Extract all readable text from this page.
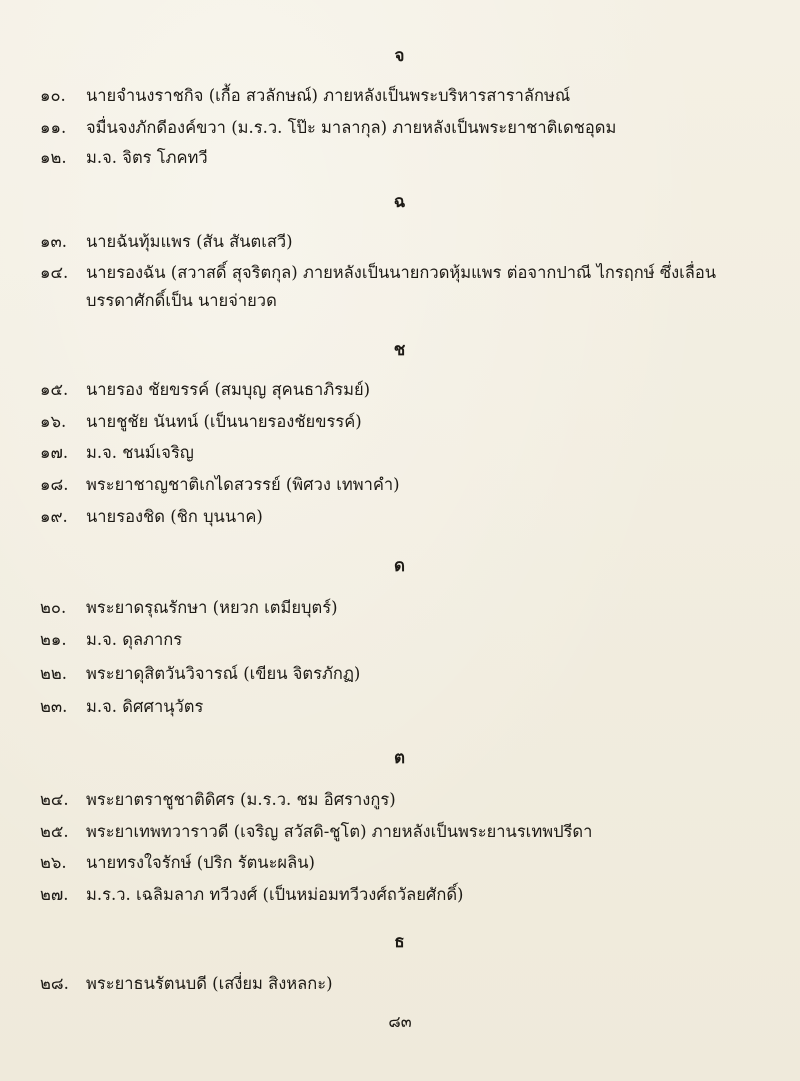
จ
๑๐.	นายจำนงราชกิจ (เกื้อ สวลักษณ์) ภายหลังเป็นพระบริหารสาราลักษณ์
๑๑.	จมื่นจงภักดีองค์ขวา (ม.ร.ว. โป๊ะ มาลากุล) ภายหลังเป็นพระยาชาติเดชอุดม
๑๒.	ม.จ. จิตร โภคทวี
ฉ
๑๓.	นายฉันทุ้มแพร (สัน สันตเสวี)
๑๔.	นายรองฉัน (สวาสดิ์ สุจริตกุล) ภายหลังเป็นนายกวดหุ้มแพร ต่อจากปาณี ไกรฤกษ์ ซึ่งเลื่อนบรรดาศักดิ์เป็น นายจ่ายวด
ช
๑๕.	นายรอง ชัยขรรค์ (สมบุญ สุคนธาภิรมย์)
๑๖.	นายชูชัย นันทน์ (เป็นนายรองชัยขรรค์)
๑๗.	ม.จ. ชนม์เจริญ
๑๘.	พระยาชาญชาติเกไดสวรรย์ (พิศวง เทพาคำ)
๑๙.	นายรองชิด (ชิก บุนนาค)
ด
๒๐.	พระยาดรุณรักษา (หยวก เตมียบุตร์)
๒๑.	ม.จ. ดุลภากร
๒๒.	พระยาดุสิตวันวิจารณ์ (เขียน จิตรภักฏ)
๒๓.	ม.จ. ดิศศานุวัตร
ต
๒๔.	พระยาตราชูชาติดิศร (ม.ร.ว. ชม อิศรางกูร)
๒๕.	พระยาเทพทวาราวดี (เจริญ สวัสดิ-ชูโต) ภายหลังเป็นพระยานรเทพปรีดา
๒๖.	นายทรงใจรักษ์ (ปริก รัตนะผลิน)
๒๗.	ม.ร.ว. เฉลิมลาภ ทวีวงศ์ (เป็นหม่อมทวีวงศ์ถวัลยศักดิ์)
ธ
๒๘.	พระยาธนรัตนบดี (เสงี่ยม สิงหลกะ)
๘๓
